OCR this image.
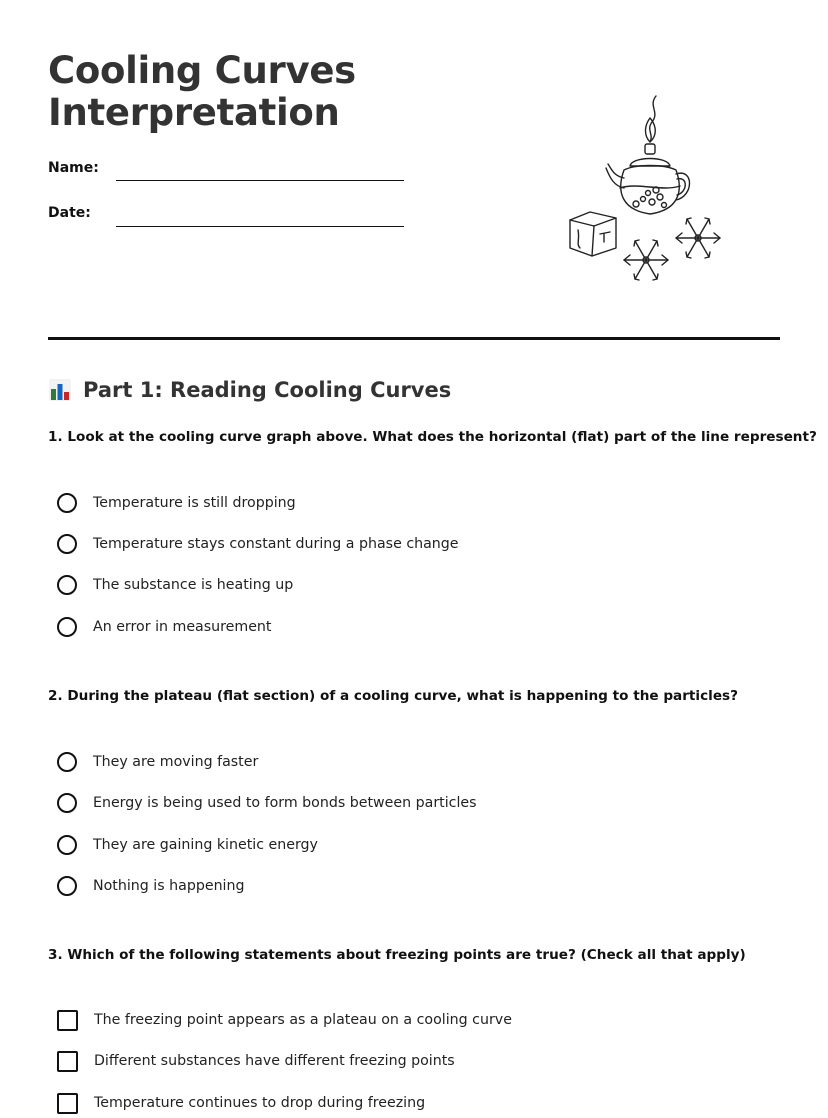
Cooling Curves
Interpretation
Name:
Date:
Part 1: Reading Cooling Curves
1. Look at the cooling curve graph above. What does the horizontal (flat) part of the line represent?
Temperature is still dropping
Temperature stays constant during a phase change
The substance is heating up
An error in measurement
2. During the plateau (flat section) of a cooling curve, what is happening to the particles?
They are moving faster
Energy is being used to form bonds between particles
They are gaining kinetic energy
Nothing is happening
3. Which of the following statements about freezing points are true? (Check all that apply)
The freezing point appears as a plateau on a cooling curve
Different substances have different freezing points
Temperature continues to drop during freezing
